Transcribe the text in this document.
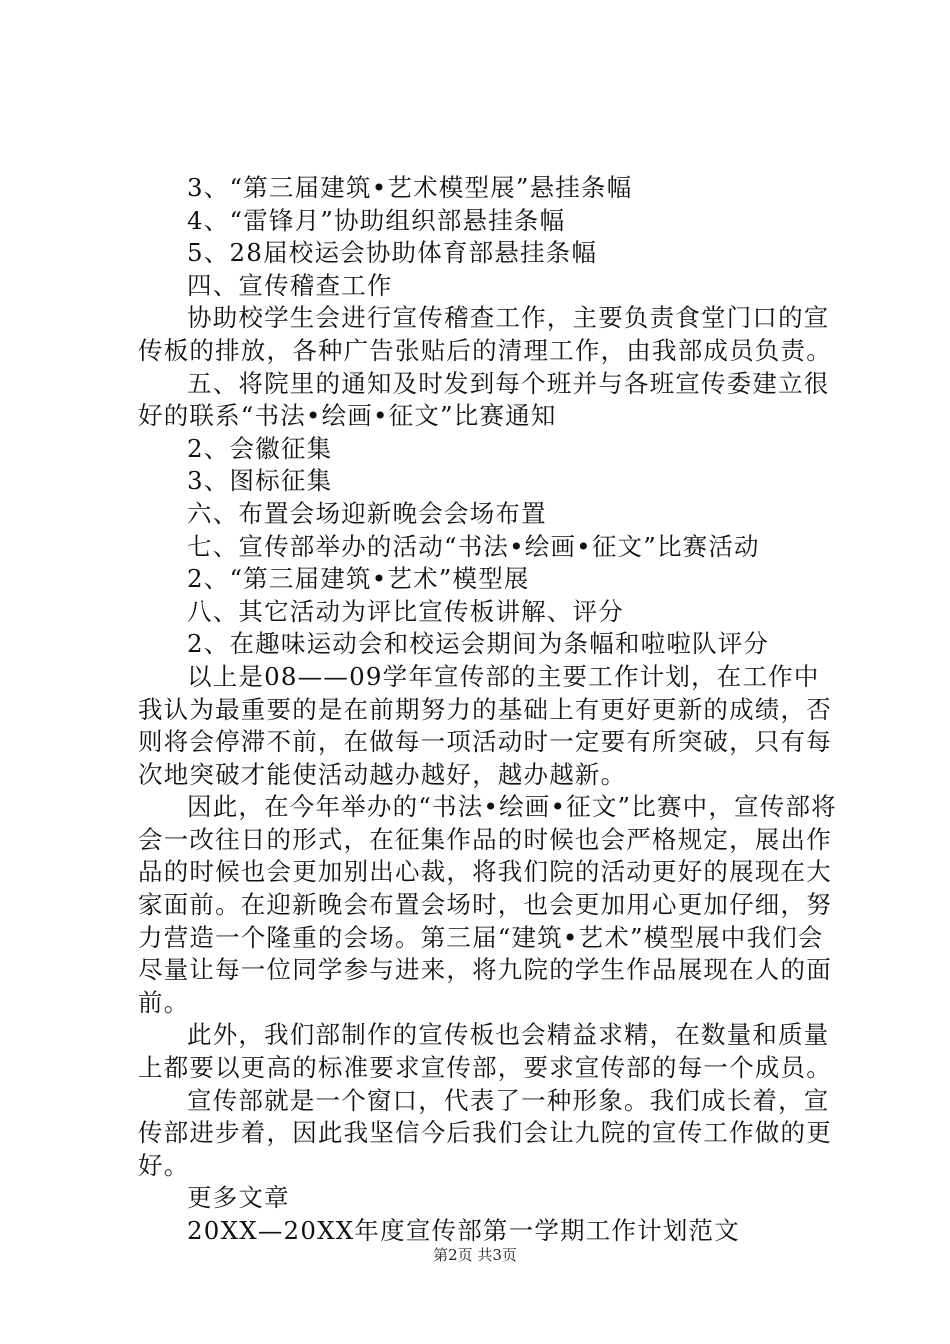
3、“第三届建筑•艺术模型展”悬挂条幅

4、“雷锋月”协助组织部悬挂条幅

5、28届校运会协助体育部悬挂条幅

四、宣传稽查工作

协助校学生会进行宣传稽查工作，主要负责食堂门口的宣传板的排放，各种广告张贴后的清理工作，由我部成员负责。

五、将院里的通知及时发到每个班并与各班宣传委建立很好的联系“书法•绘画•征文”比赛通知

2、会徽征集

3、图标征集

六、布置会场迎新晚会会场布置

七、宣传部举办的活动“书法•绘画•征文”比赛活动

2、“第三届建筑•艺术”模型展

八、其它活动为评比宣传板讲解、评分

2、在趣味运动会和校运会期间为条幅和啦啦队评分

以上是08——09学年宣传部的主要工作计划，在工作中我认为最重要的是在前期努力的基础上有更好更新的成绩，否则将会停滞不前，在做每一项活动时一定要有所突破，只有每次地突破才能使活动越办越好，越办越新。

因此，在今年举办的“书法•绘画•征文”比赛中，宣传部将会一改往日的形式，在征集作品的时候也会严格规定，展出作品的时候也会更加别出心裁，将我们院的活动更好的展现在大家面前。在迎新晚会布置会场时，也会更加用心更加仔细，努力营造一个隆重的会场。第三届“建筑•艺术”模型展中我们会尽量让每一位同学参与进来，将九院的学生作品展现在人的面前。

此外，我们部制作的宣传板也会精益求精，在数量和质量上都要以更高的标准要求宣传部，要求宣传部的每一个成员。

宣传部就是一个窗口，代表了一种形象。我们成长着，宣传部进步着，因此我坚信今后我们会让九院的宣传工作做的更好。

更多文章

20XX—20XX年度宣传部第一学期工作计划范文

第2页 共3页
